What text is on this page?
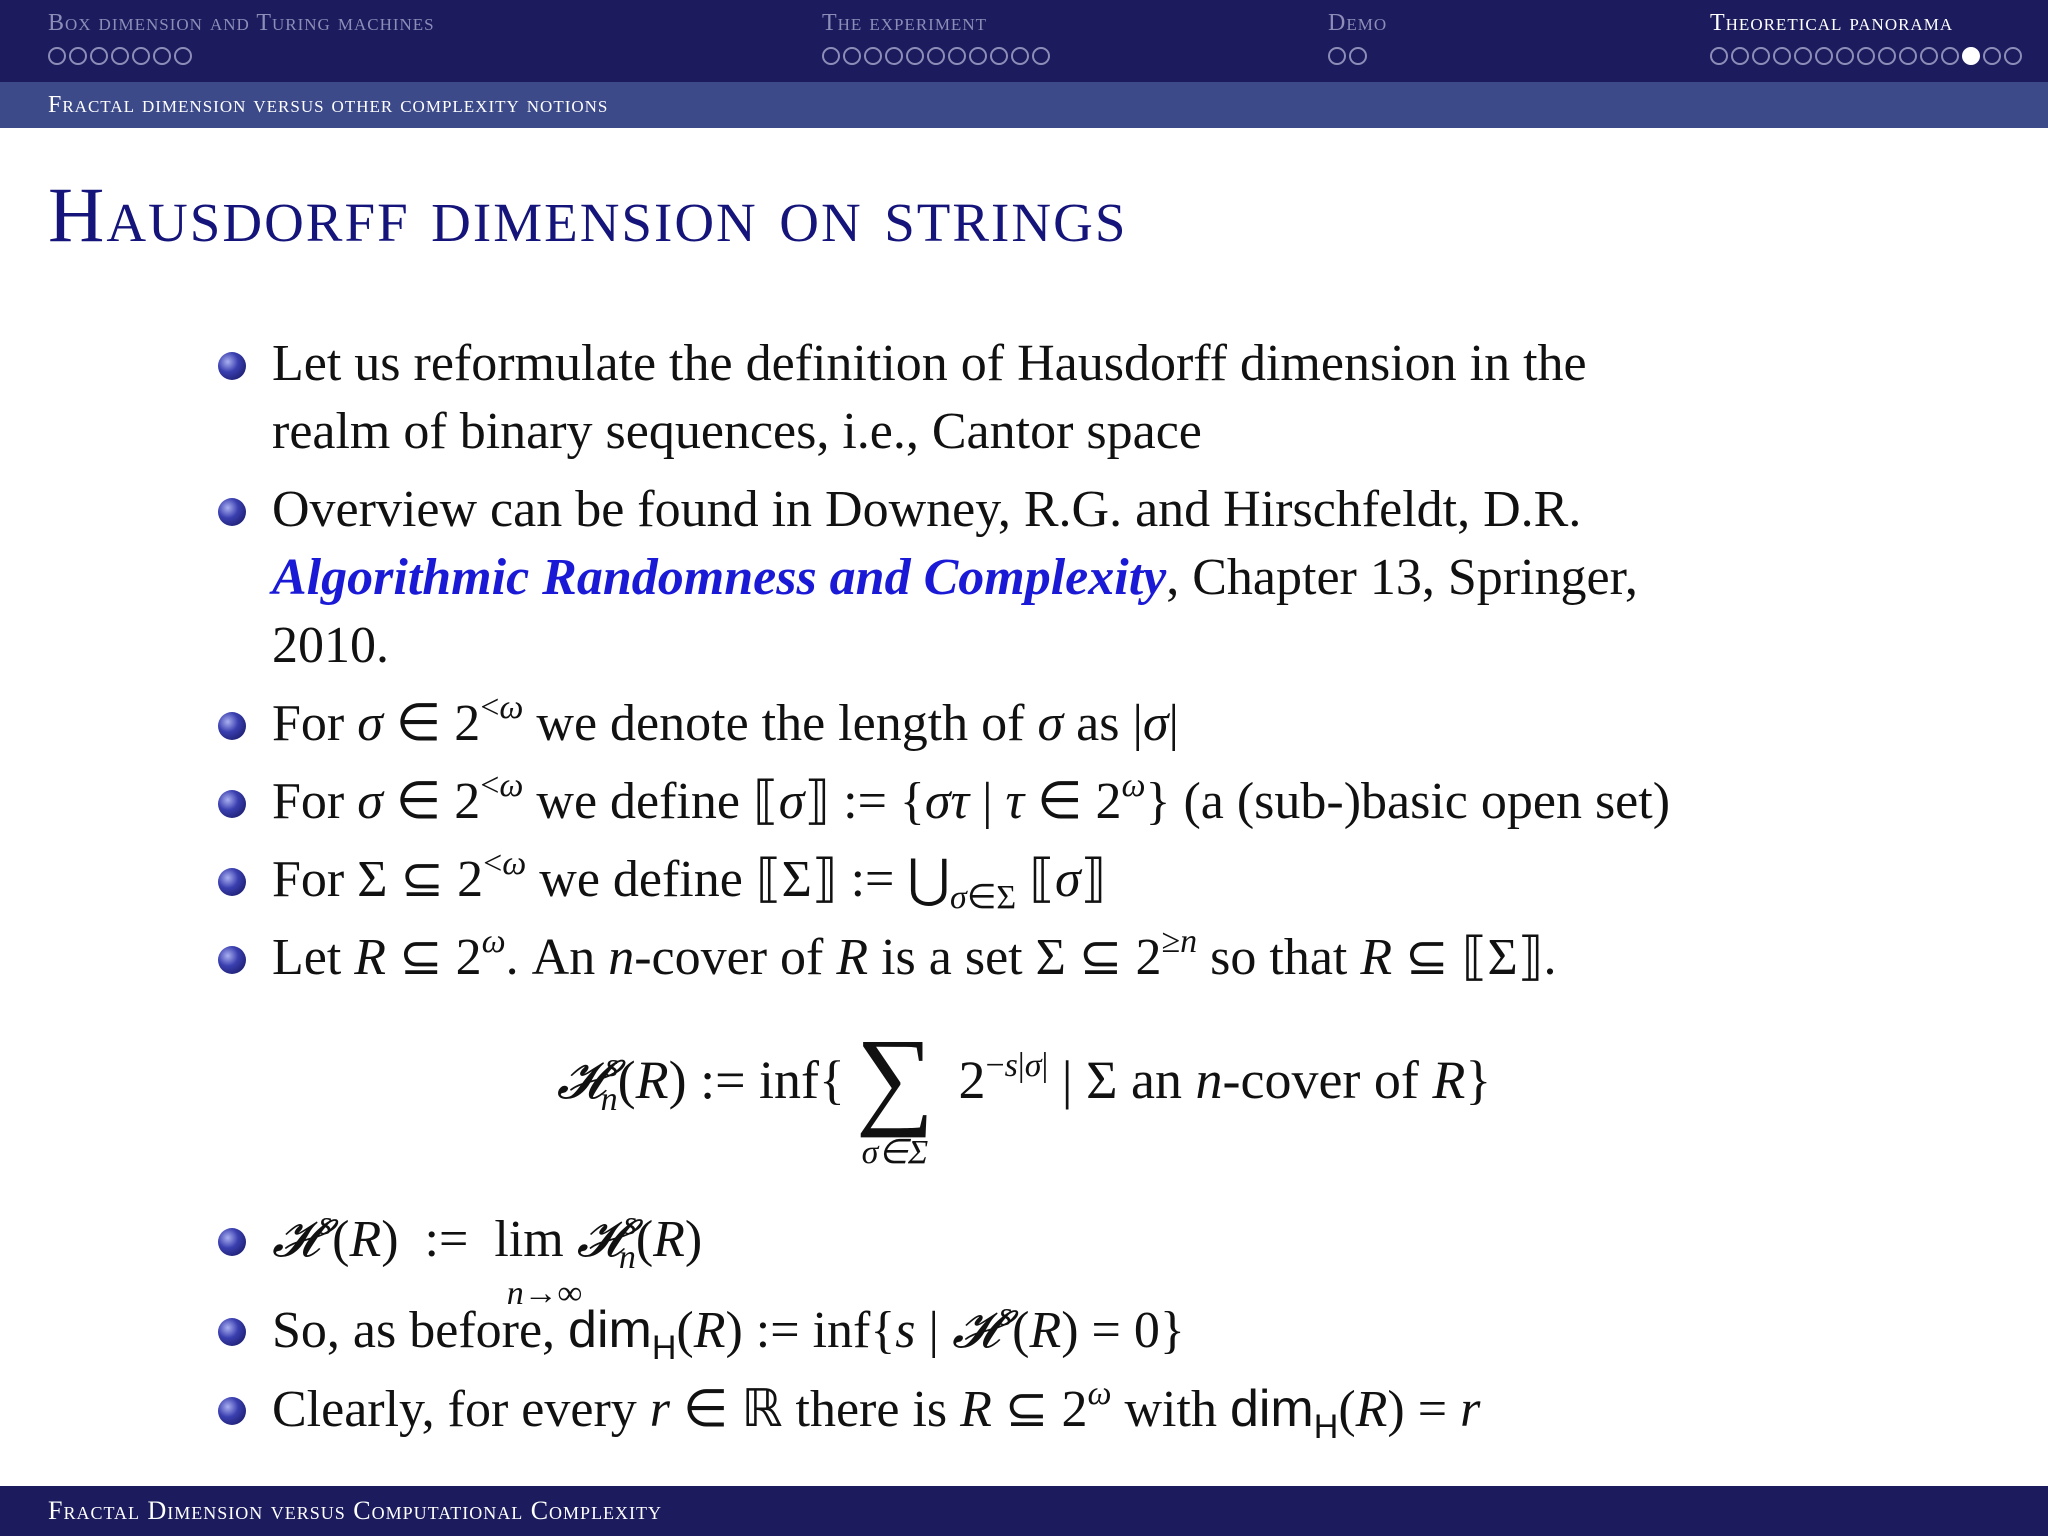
Box dimension and Turing machines	The experiment	Demo	Theoretical panorama
Fractal dimension versus other complexity notions
Hausdorff dimension on strings
Let us reformulate the definition of Hausdorff dimension in the
realm of binary sequences, i.e., Cantor space
Overview can be found in Downey, R.G. and Hirschfeldt, D.R.
Algorithmic Randomness and Complexity, Chapter 13, Springer,
2010.
For σ ∈ $2^{<\omega}$ we denote the length of σ as |σ|
For σ ∈ $2^{<\omega}$ we define ⟦σ⟧ := {στ | τ ∈ $2^\omega$} (a (sub-)basic open set)
For Σ ⊆ $2^{<\omega}$ we define ⟦Σ⟧ := $⋃_{\sigma\in\Sigma}$ ⟦σ⟧
Let R ⊆ $2^\omega$. An n-cover of R is a set Σ ⊆ $2^{\ge n}$ so that R ⊆ ⟦Σ⟧.
𝓗$^s_n$(R) := inf{∑
σ∈Σ
$2^{-s|\sigma|}$ | Σ an n-cover of R}
𝓗$^s$(R)  :=  lim
n→∞
𝓗$^s_n$(R)
So, as before, dim$_H$(R) := inf{s | 𝓗$^s$(R) = 0}
Clearly, for every r ∈ ℝ there is R ⊆ $2^\omega$ with dim$_H$(R) = r
Fractal Dimension versus Computational Complexity
